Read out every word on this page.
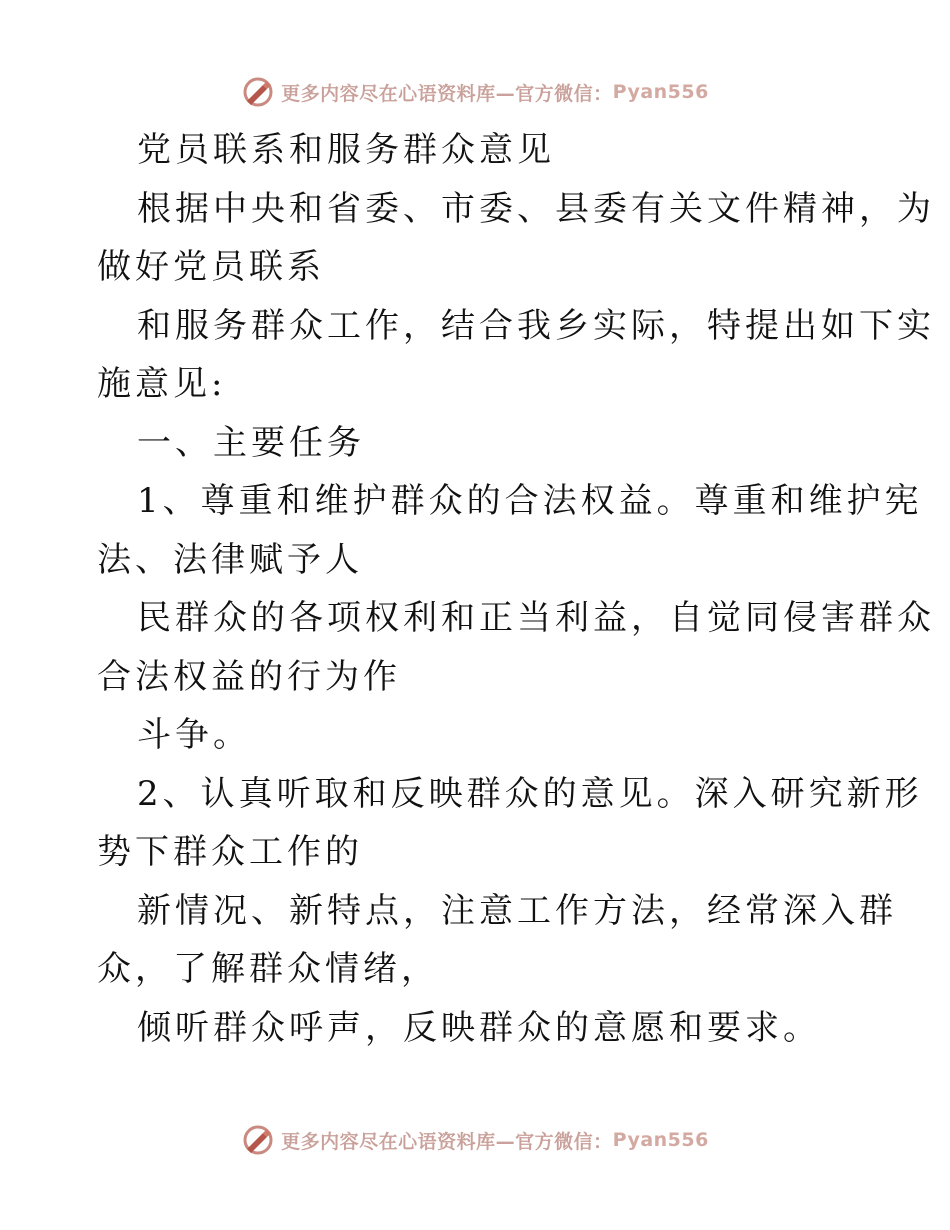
更多内容尽在心语资料库—官方微信： Pyan556
党员联系和服务群众意见
根据中央和省委、市委、县委有关文件精神，为
做好党员联系
和服务群众工作，结合我乡实际，特提出如下实
施意见:
一、主要任务
1、尊重和维护群众的合法权益。尊重和维护宪
法、法律赋予人
民群众的各项权利和正当利益，自觉同侵害群众
合法权益的行为作
斗争。
2、认真听取和反映群众的意见。深入研究新形
势下群众工作的
新情况、新特点，注意工作方法，经常深入群
众，了解群众情绪，
倾听群众呼声，反映群众的意愿和要求。
更多内容尽在心语资料库—官方微信： Pyan556
